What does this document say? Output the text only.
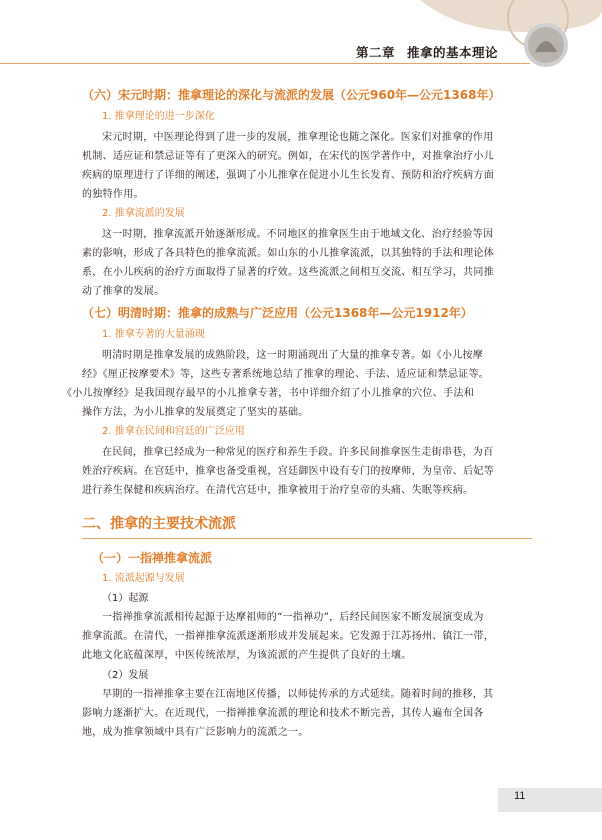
第二章 推拿的基本理论

（六）宋元时期：推拿理论的深化与流派的发展（公元960年—公元1368年）

1. 推拿理论的进一步深化

宋元时期，中医理论得到了进一步的发展，推拿理论也随之深化。医家们对推拿的作用
机制、适应证和禁忌证等有了更深入的研究。例如，在宋代的医学著作中，对推拿治疗小儿
疾病的原理进行了详细的阐述，强调了小儿推拿在促进小儿生长发育、预防和治疗疾病方面
的独特作用。

2. 推拿流派的发展

这一时期，推拿流派开始逐渐形成。不同地区的推拿医生由于地域文化、治疗经验等因
素的影响，形成了各具特色的推拿流派。如山东的小儿推拿流派，以其独特的手法和理论体
系，在小儿疾病的治疗方面取得了显著的疗效。这些流派之间相互交流、相互学习，共同推
动了推拿的发展。

（七）明清时期：推拿的成熟与广泛应用（公元1368年—公元1912年）

1. 推拿专著的大量涌现

明清时期是推拿发展的成熟阶段，这一时期涌现出了大量的推拿专著。如《小儿按摩
经》《厘正按摩要术》等，这些专著系统地总结了推拿的理论、手法、适应证和禁忌证等。
《小儿按摩经》是我国现存最早的小儿推拿专著，书中详细介绍了小儿推拿的穴位、手法和
操作方法，为小儿推拿的发展奠定了坚实的基础。

2. 推拿在民间和宫廷的广泛应用

在民间，推拿已经成为一种常见的医疗和养生手段。许多民间推拿医生走街串巷，为百
姓治疗疾病。在宫廷中，推拿也备受重视，宫廷御医中设有专门的按摩师，为皇帝、后妃等
进行养生保健和疾病治疗。在清代宫廷中，推拿被用于治疗皇帝的头痛、失眠等疾病。

二、推拿的主要技术流派

（一）一指禅推拿流派

1. 流派起源与发展

（1）起源

一指禅推拿流派相传起源于达摩祖师的“一指禅功”，后经民间医家不断发展演变成为
推拿流派。在清代，一指禅推拿流派逐渐形成并发展起来。它发源于江苏扬州、镇江一带，
此地文化底蕴深厚，中医传统浓厚，为该流派的产生提供了良好的土壤。

（2）发展

早期的一指禅推拿主要在江南地区传播，以师徒传承的方式延续。随着时间的推移，其
影响力逐渐扩大。在近现代，一指禅推拿流派的理论和技术不断完善，其传人遍布全国各
地，成为推拿领域中具有广泛影响力的流派之一。
11
